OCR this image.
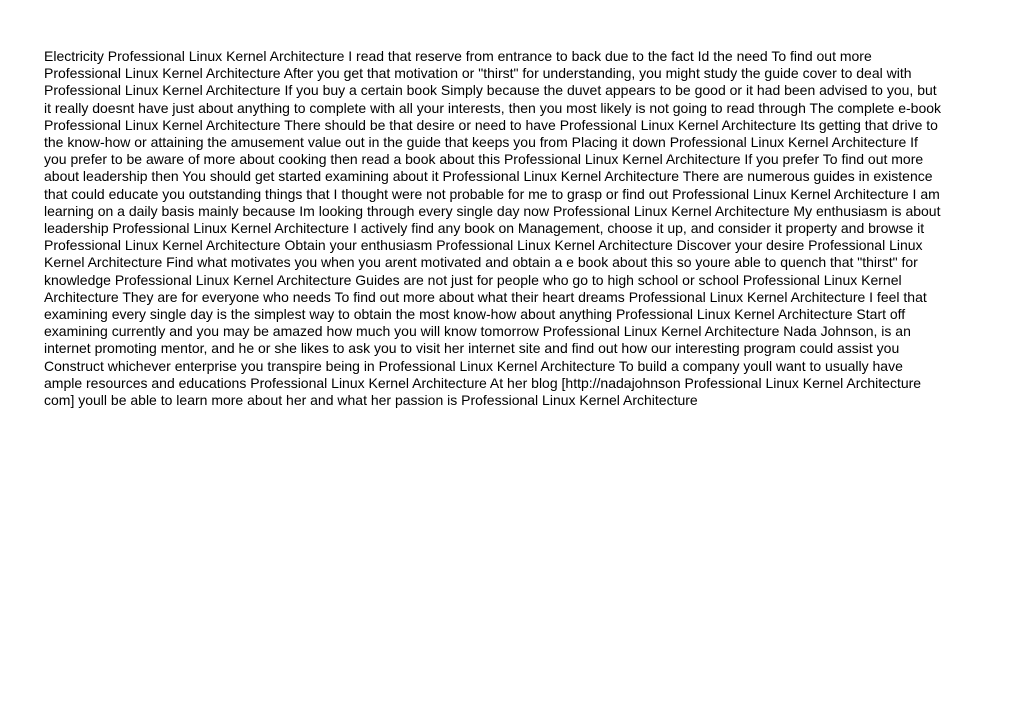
Electricity Professional Linux Kernel Architecture I read that reserve from entrance to back due to the fact Id the need To find out more
Professional Linux Kernel Architecture After you get that motivation or "thirst" for understanding, you might study the guide cover to deal with
Professional Linux Kernel Architecture If you buy a certain book Simply because the duvet appears to be good or it had been advised to you, but
it really doesnt have just about anything to complete with all your interests, then you most likely is not going to read through The complete e-book
Professional Linux Kernel Architecture There should be that desire or need to have Professional Linux Kernel Architecture Its getting that drive to
the know-how or attaining the amusement value out in the guide that keeps you from Placing it down Professional Linux Kernel Architecture If
you prefer to be aware of more about cooking then read a book about this Professional Linux Kernel Architecture If you prefer To find out more
about leadership then You should get started examining about it Professional Linux Kernel Architecture There are numerous guides in existence
that could educate you outstanding things that I thought were not probable for me to grasp or find out Professional Linux Kernel Architecture I am
learning on a daily basis mainly because Im looking through every single day now Professional Linux Kernel Architecture My enthusiasm is about
leadership Professional Linux Kernel Architecture I actively find any book on Management, choose it up, and consider it property and browse it
Professional Linux Kernel Architecture Obtain your enthusiasm Professional Linux Kernel Architecture Discover your desire Professional Linux
Kernel Architecture Find what motivates you when you arent motivated and obtain a e book about this so youre able to quench that "thirst" for
knowledge Professional Linux Kernel Architecture Guides are not just for people who go to high school or school Professional Linux Kernel
Architecture They are for everyone who needs To find out more about what their heart dreams Professional Linux Kernel Architecture I feel that
examining every single day is the simplest way to obtain the most know-how about anything Professional Linux Kernel Architecture Start off
examining currently and you may be amazed how much you will know tomorrow Professional Linux Kernel Architecture Nada Johnson, is an
internet promoting mentor, and he or she likes to ask you to visit her internet site and find out how our interesting program could assist you
Construct whichever enterprise you transpire being in Professional Linux Kernel Architecture To build a company youll want to usually have
ample resources and educations Professional Linux Kernel Architecture At her blog [http://nadajohnson Professional Linux Kernel Architecture
com] youll be able to learn more about her and what her passion is Professional Linux Kernel Architecture
